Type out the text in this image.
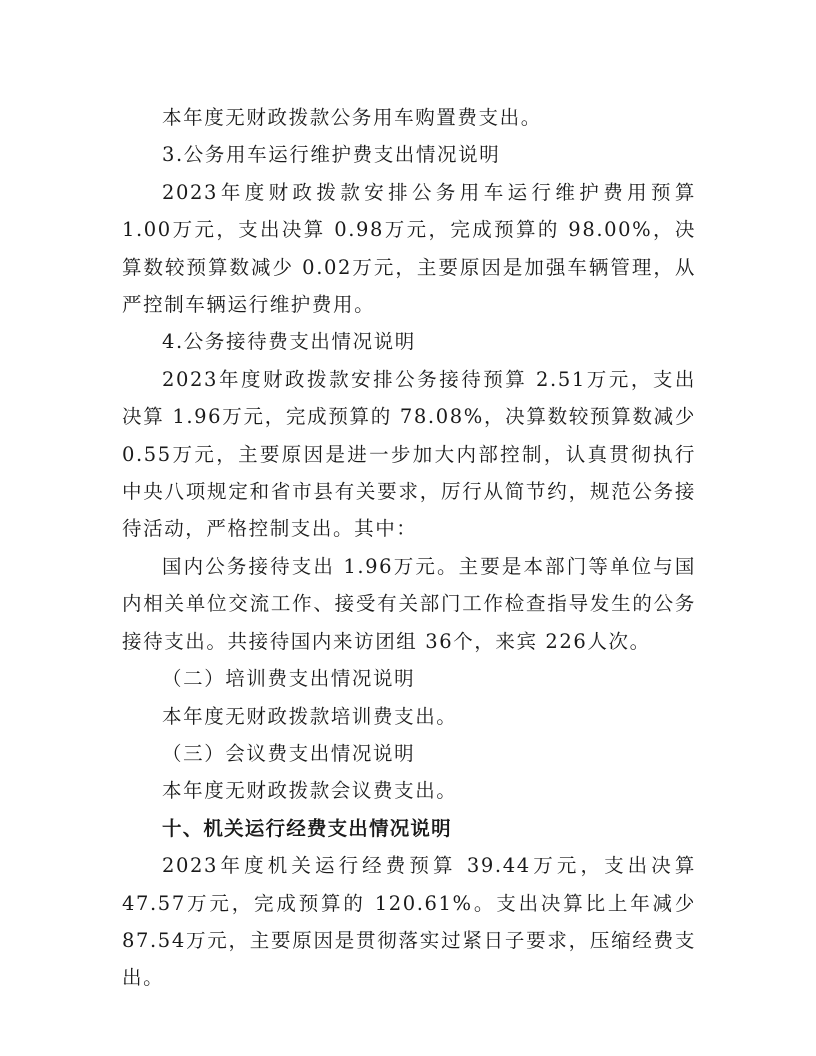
本年度无财政拨款公务用车购置费支出。

3.公务用车运行维护费支出情况说明

2023年度财政拨款安排公务用车运行维护费用预算 1.00万元，支出决算 0.98万元，完成预算的 98.00%，决算数较预算数减少 0.02万元，主要原因是加强车辆管理，从严控制车辆运行维护费用。

4.公务接待费支出情况说明

2023年度财政拨款安排公务接待预算 2.51万元，支出决算 1.96万元，完成预算的 78.08%，决算数较预算数减少 0.55万元，主要原因是进一步加大内部控制，认真贯彻执行中央八项规定和省市县有关要求，厉行从简节约，规范公务接待活动，严格控制支出。其中：

国内公务接待支出 1.96万元。主要是本部门等单位与国内相关单位交流工作、接受有关部门工作检查指导发生的公务接待支出。共接待国内来访团组 36个，来宾 226人次。

（二）培训费支出情况说明

本年度无财政拨款培训费支出。

（三）会议费支出情况说明

本年度无财政拨款会议费支出。

十、机关运行经费支出情况说明

2023年度机关运行经费预算 39.44万元，支出决算 47.57万元，完成预算的 120.61%。支出决算比上年减少 87.54万元，主要原因是贯彻落实过紧日子要求，压缩经费支出。
